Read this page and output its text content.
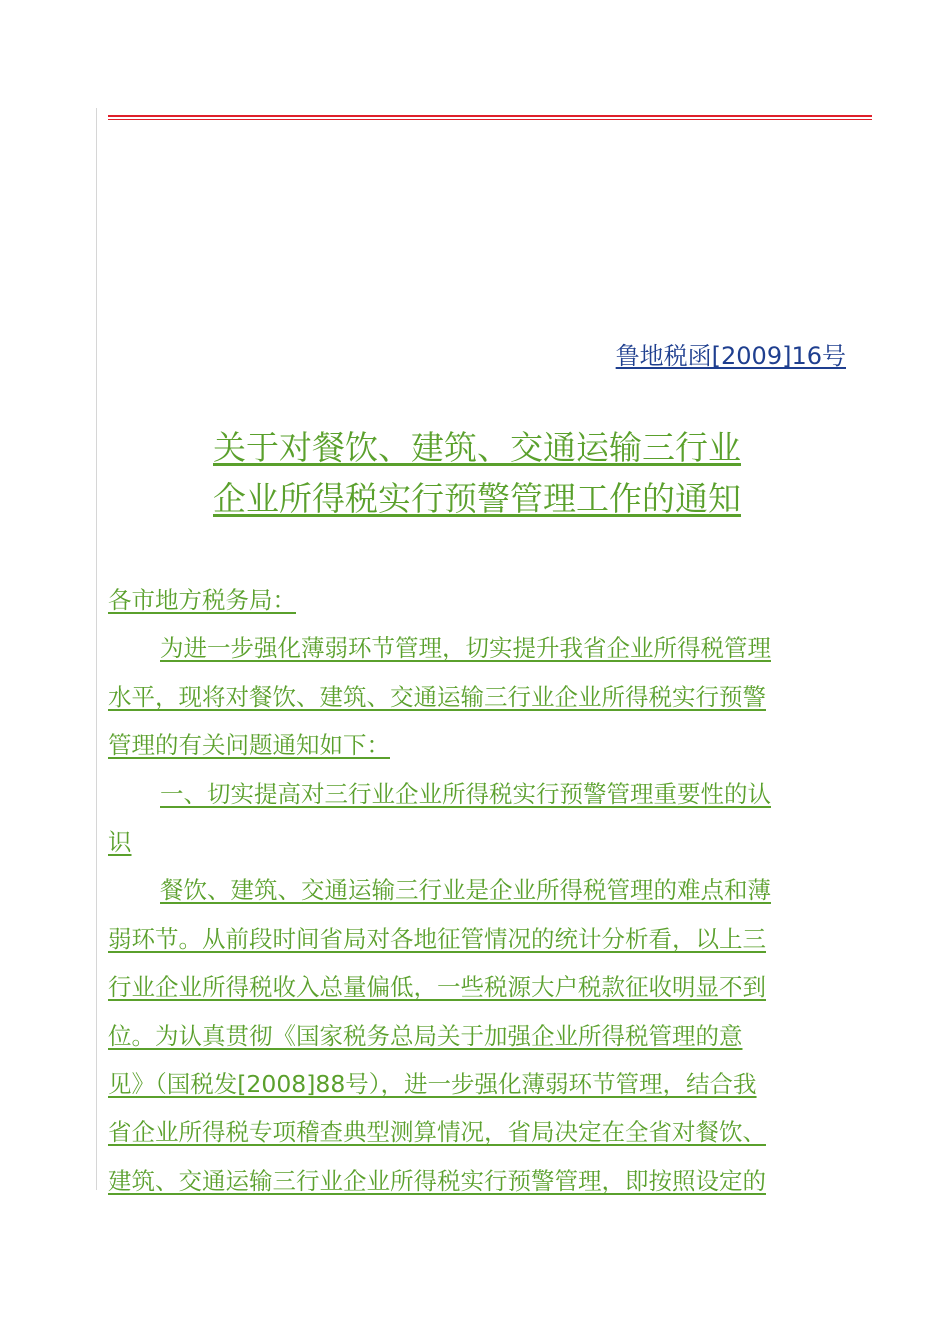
鲁地税函[2009]16号
关于对餐饮、建筑、交通运输三行业
企业所得税实行预警管理工作的通知
各市地方税务局：
为进一步强化薄弱环节管理，切实提升我省企业所得税管理
水平，现将对餐饮、建筑、交通运输三行业企业所得税实行预警
管理的有关问题通知如下：
一、切实提高对三行业企业所得税实行预警管理重要性的认
识
餐饮、建筑、交通运输三行业是企业所得税管理的难点和薄
弱环节。从前段时间省局对各地征管情况的统计分析看，以上三
行业企业所得税收入总量偏低，一些税源大户税款征收明显不到
位。为认真贯彻《国家税务总局关于加强企业所得税管理的意
见》（国税发[2008]88号），进一步强化薄弱环节管理，结合我
省企业所得税专项稽查典型测算情况，省局决定在全省对餐饮、
建筑、交通运输三行业企业所得税实行预警管理，即按照设定的
